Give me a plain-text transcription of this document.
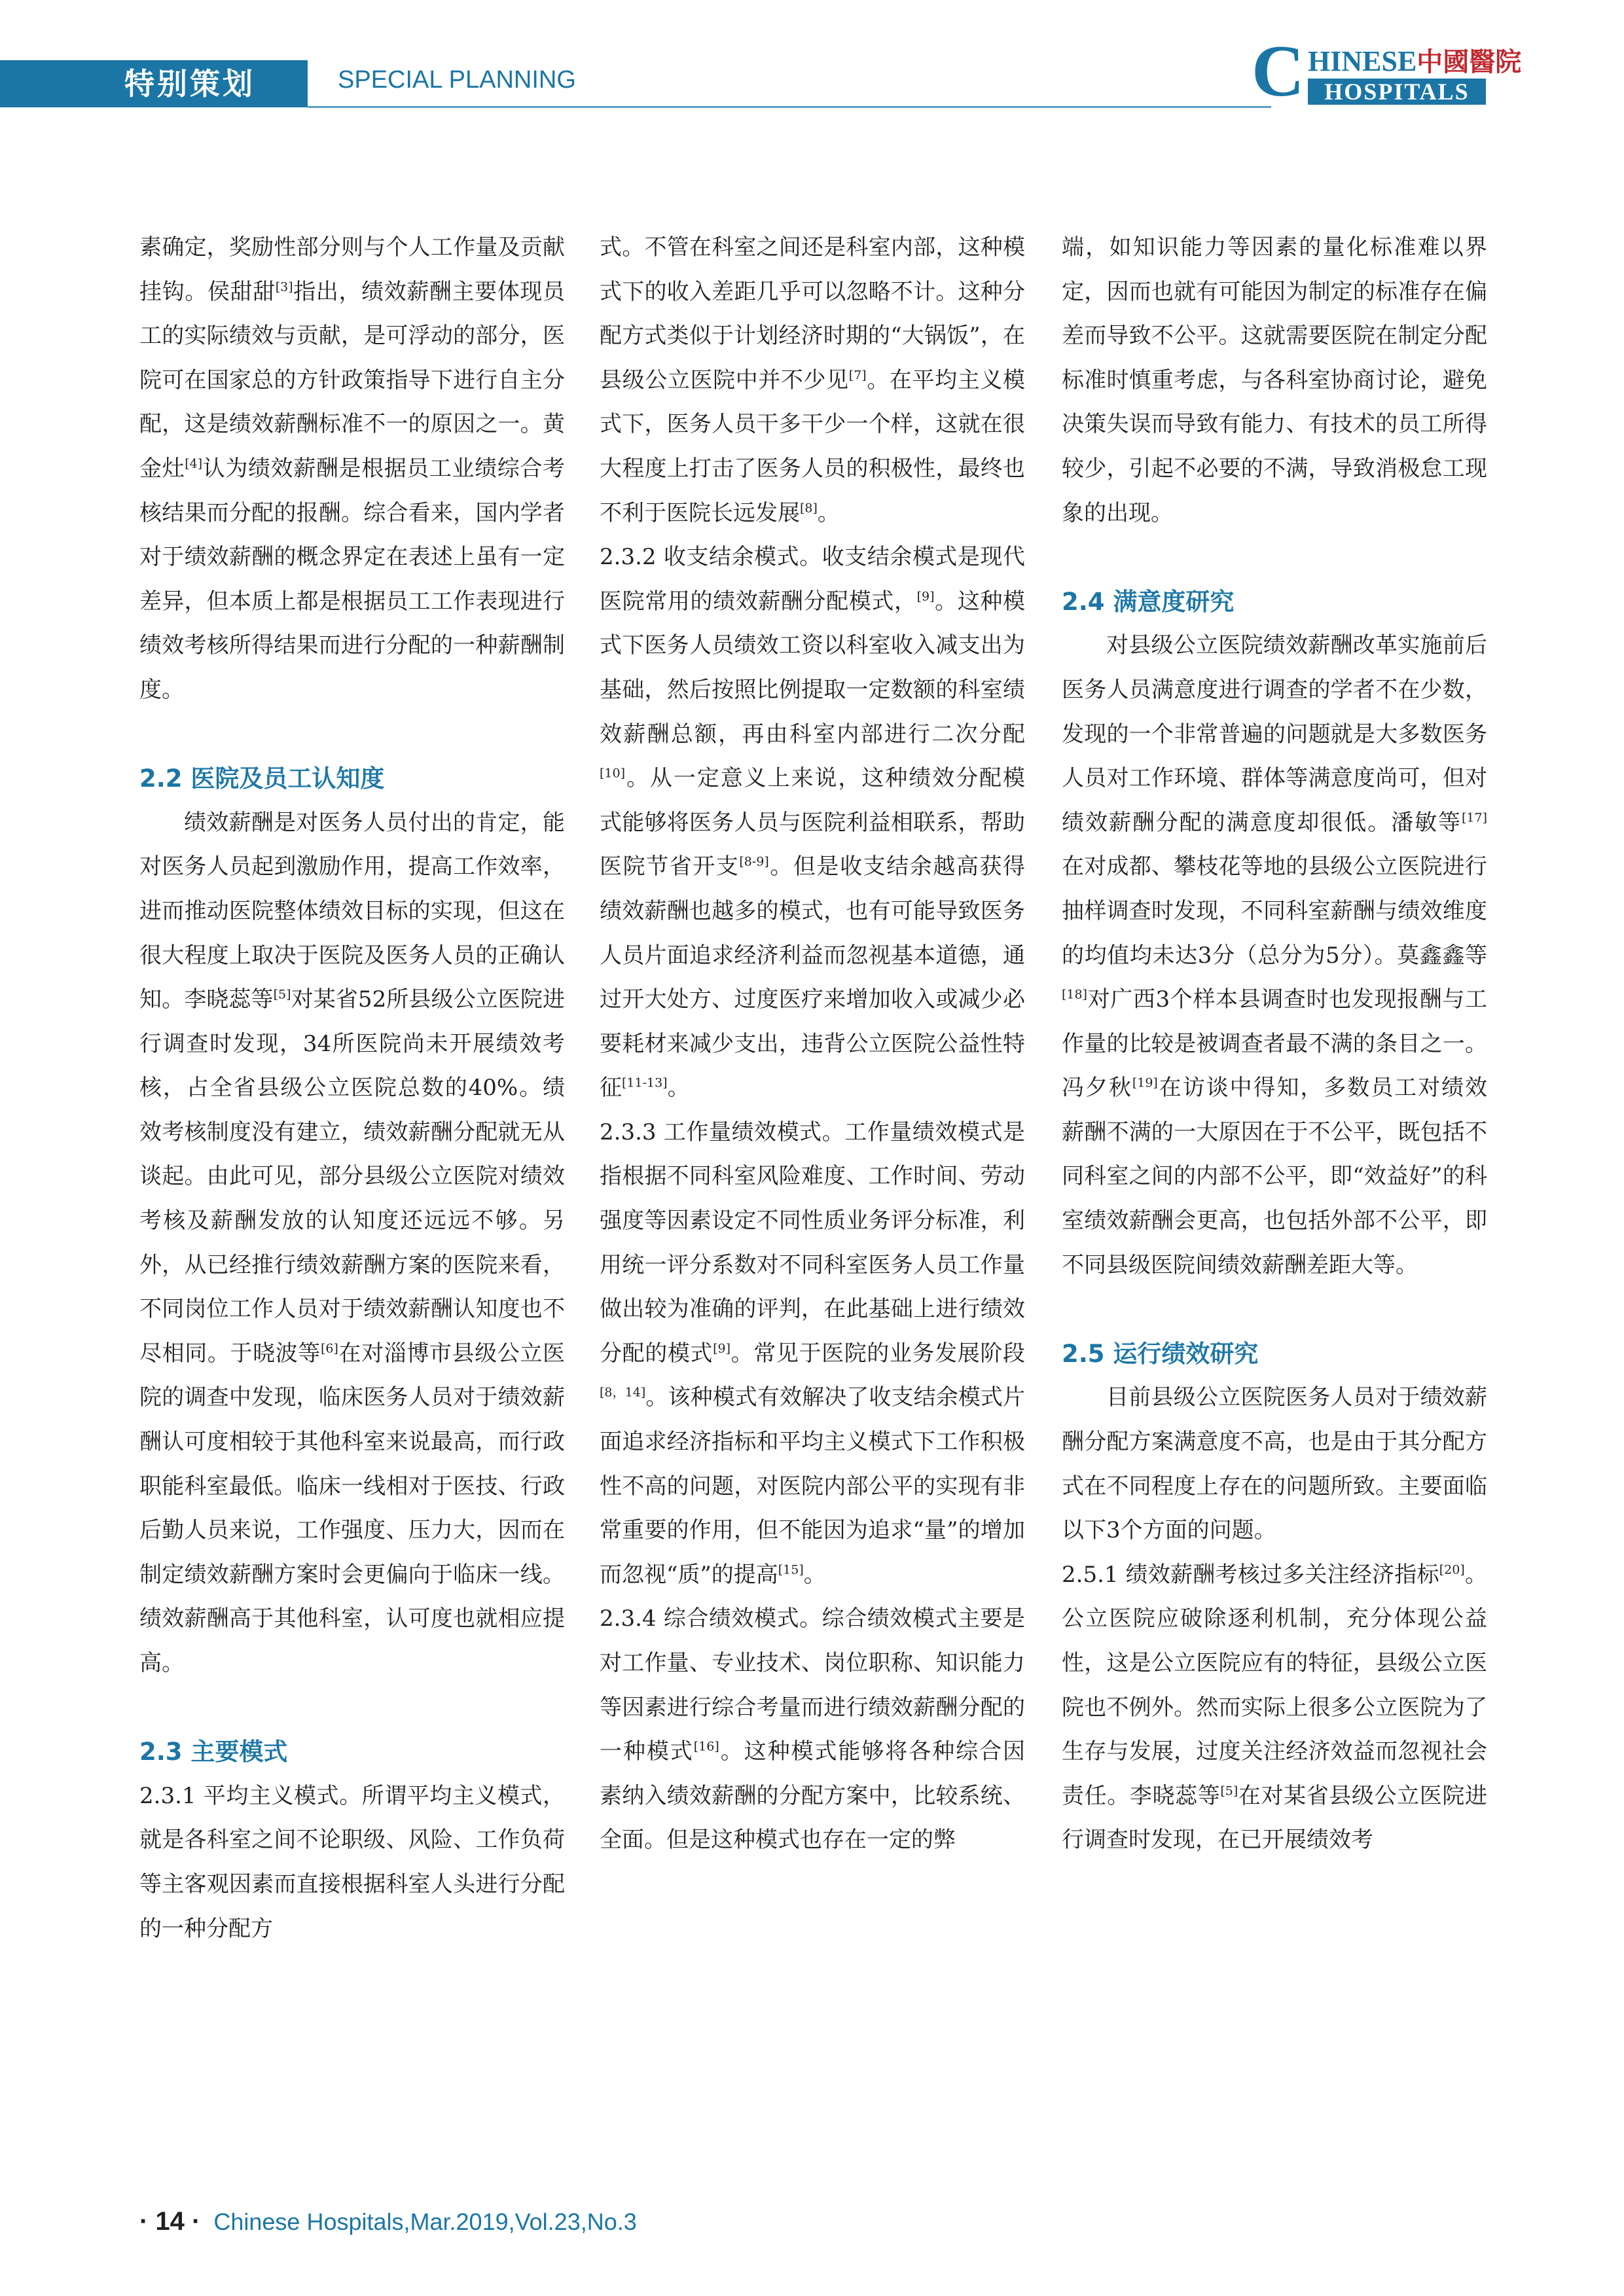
特别策划	SPECIAL PLANNING	C HINESE中國醫院
HOSPITALS

素确定，奖励性部分则与个人工作量及贡献挂钩。侯甜甜[3]指出，绩效薪酬主要体现员工的实际绩效与贡献，是可浮动的部分，医院可在国家总的方针政策指导下进行自主分配，这是绩效薪酬标准不一的原因之一。黄金灶[4]认为绩效薪酬是根据员工业绩综合考核结果而分配的报酬。综合看来，国内学者对于绩效薪酬的概念界定在表述上虽有一定差异，但本质上都是根据员工工作表现进行绩效考核所得结果而进行分配的一种薪酬制度。

2.2 医院及员工认知度

绩效薪酬是对医务人员付出的肯定，能对医务人员起到激励作用，提高工作效率，进而推动医院整体绩效目标的实现，但这在很大程度上取决于医院及医务人员的正确认知。李晓蕊等[5]对某省52所县级公立医院进行调查时发现，34所医院尚未开展绩效考核，占全省县级公立医院总数的40%。绩效考核制度没有建立，绩效薪酬分配就无从谈起。由此可见，部分县级公立医院对绩效考核及薪酬发放的认知度还远远不够。另外，从已经推行绩效薪酬方案的医院来看，不同岗位工作人员对于绩效薪酬认知度也不尽相同。于晓波等[6]在对淄博市县级公立医院的调查中发现，临床医务人员对于绩效薪酬认可度相较于其他科室来说最高，而行政职能科室最低。临床一线相对于医技、行政后勤人员来说，工作强度、压力大，因而在制定绩效薪酬方案时会更偏向于临床一线。绩效薪酬高于其他科室，认可度也就相应提高。

2.3 主要模式

2.3.1 平均主义模式。所谓平均主义模式，就是各科室之间不论职级、风险、工作负荷等主客观因素而直接根据科室人头进行分配的一种分配方

式。不管在科室之间还是科室内部，这种模式下的收入差距几乎可以忽略不计。这种分配方式类似于计划经济时期的“大锅饭”，在县级公立医院中并不少见[7]。在平均主义模式下，医务人员干多干少一个样，这就在很大程度上打击了医务人员的积极性，最终也不利于医院长远发展[8]。

2.3.2 收支结余模式。收支结余模式是现代医院常用的绩效薪酬分配模式，[9]。这种模式下医务人员绩效工资以科室收入减支出为基础，然后按照比例提取一定数额的科室绩效薪酬总额，再由科室内部进行二次分配[10]。从一定意义上来说，这种绩效分配模式能够将医务人员与医院利益相联系，帮助医院节省开支[8-9]。但是收支结余越高获得绩效薪酬也越多的模式，也有可能导致医务人员片面追求经济利益而忽视基本道德，通过开大处方、过度医疗来增加收入或减少必要耗材来减少支出，违背公立医院公益性特征[11-13]。

2.3.3 工作量绩效模式。工作量绩效模式是指根据不同科室风险难度、工作时间、劳动强度等因素设定不同性质业务评分标准，利用统一评分系数对不同科室医务人员工作量做出较为准确的评判，在此基础上进行绩效分配的模式[9]。常见于医院的业务发展阶段[8，14]。该种模式有效解决了收支结余模式片面追求经济指标和平均主义模式下工作积极性不高的问题，对医院内部公平的实现有非常重要的作用，但不能因为追求“量”的增加而忽视“质”的提高[15]。

2.3.4 综合绩效模式。综合绩效模式主要是对工作量、专业技术、岗位职称、知识能力等因素进行综合考量而进行绩效薪酬分配的一种模式[16]。这种模式能够将各种综合因素纳入绩效薪酬的分配方案中，比较系统、全面。但是这种模式也存在一定的弊

端，如知识能力等因素的量化标准难以界定，因而也就有可能因为制定的标准存在偏差而导致不公平。这就需要医院在制定分配标准时慎重考虑，与各科室协商讨论，避免决策失误而导致有能力、有技术的员工所得较少，引起不必要的不满，导致消极怠工现象的出现。

2.4 满意度研究

对县级公立医院绩效薪酬改革实施前后医务人员满意度进行调查的学者不在少数，发现的一个非常普遍的问题就是大多数医务人员对工作环境、群体等满意度尚可，但对绩效薪酬分配的满意度却很低。潘敏等[17]在对成都、攀枝花等地的县级公立医院进行抽样调查时发现，不同科室薪酬与绩效维度的均值均未达3分（总分为5分）。莫鑫鑫等[18]对广西3个样本县调查时也发现报酬与工作量的比较是被调查者最不满的条目之一。冯夕秋[19]在访谈中得知，多数员工对绩效薪酬不满的一大原因在于不公平，既包括不同科室之间的内部不公平，即“效益好”的科室绩效薪酬会更高，也包括外部不公平，即不同县级医院间绩效薪酬差距大等。

2.5 运行绩效研究

目前县级公立医院医务人员对于绩效薪酬分配方案满意度不高，也是由于其分配方式在不同程度上存在的问题所致。主要面临以下3个方面的问题。

2.5.1 绩效薪酬考核过多关注经济指标[20]。公立医院应破除逐利机制，充分体现公益性，这是公立医院应有的特征，县级公立医院也不例外。然而实际上很多公立医院为了生存与发展，过度关注经济效益而忽视社会责任。李晓蕊等[5]在对某省县级公立医院进行调查时发现，在已开展绩效考

· 14 · Chinese Hospitals,Mar.2019,Vol.23,No.3
